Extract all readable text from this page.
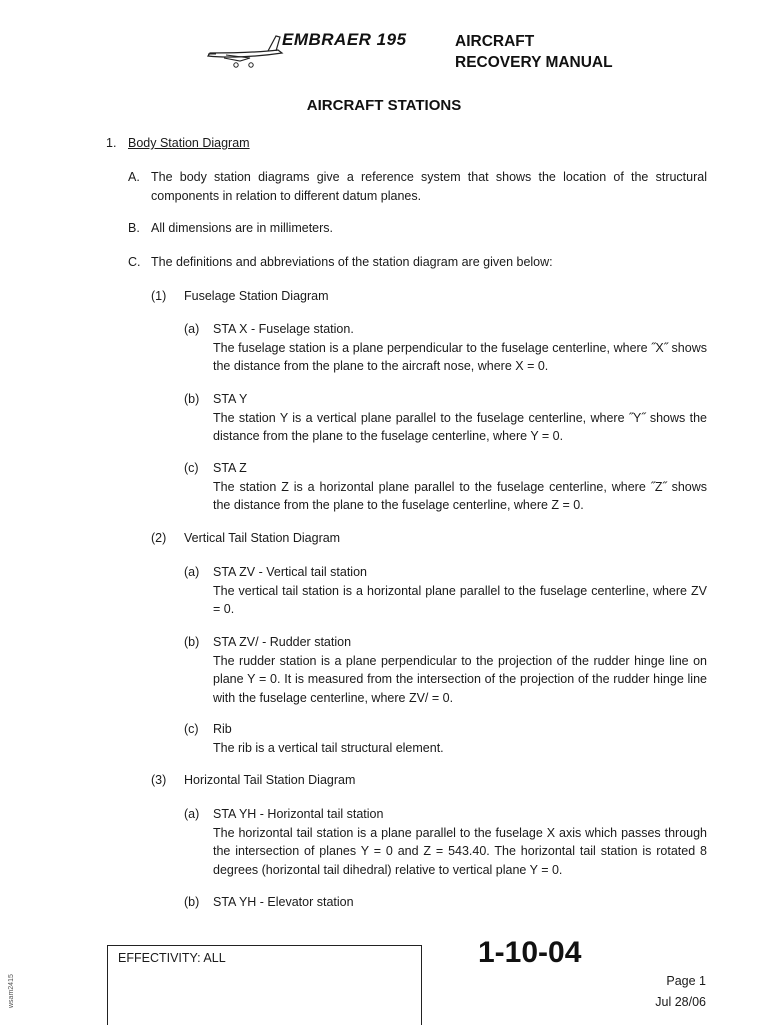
EMBRAER 195	AIRCRAFT
RECOVERY MANUAL
AIRCRAFT STATIONS
1. Body Station Diagram
A. The body station diagrams give a reference system that shows the location of the structural components in relation to different datum planes.
B. All dimensions are in millimeters.
C. The definitions and abbreviations of the station diagram are given below:
(1) Fuselage Station Diagram
(a) STA X - Fuselage station.
The fuselage station is a plane perpendicular to the fuselage centerline, where ˝X˝ shows the distance from the plane to the aircraft nose, where X = 0.
(b) STA Y
The station Y is a vertical plane parallel to the fuselage centerline, where ˝Y˝ shows the distance from the plane to the fuselage centerline, where Y = 0.
(c) STA Z
The station Z is a horizontal plane parallel to the fuselage centerline, where ˝Z˝ shows the distance from the plane to the fuselage centerline, where Z = 0.
(2) Vertical Tail Station Diagram
(a) STA ZV - Vertical tail station
The vertical tail station is a horizontal plane parallel to the fuselage centerline, where ZV = 0.
(b) STA ZV/ - Rudder station
The rudder station is a plane perpendicular to the projection of the rudder hinge line on plane Y = 0. It is measured from the intersection of the projection of the rudder hinge line with the fuselage centerline, where ZV/ = 0.
(c) Rib
The rib is a vertical tail structural element.
(3) Horizontal Tail Station Diagram
(a) STA YH - Horizontal tail station
The horizontal tail station is a plane parallel to the fuselage X axis which passes through the intersection of planes Y = 0 and Z = 543.40. The horizontal tail station is rotated 8 degrees (horizontal tail dihedral) relative to vertical plane Y = 0.
(b) STA YH - Elevator station
EFFECTIVITY: ALL	1-10-04
Page 1
Jul 28/06
wsam2415
